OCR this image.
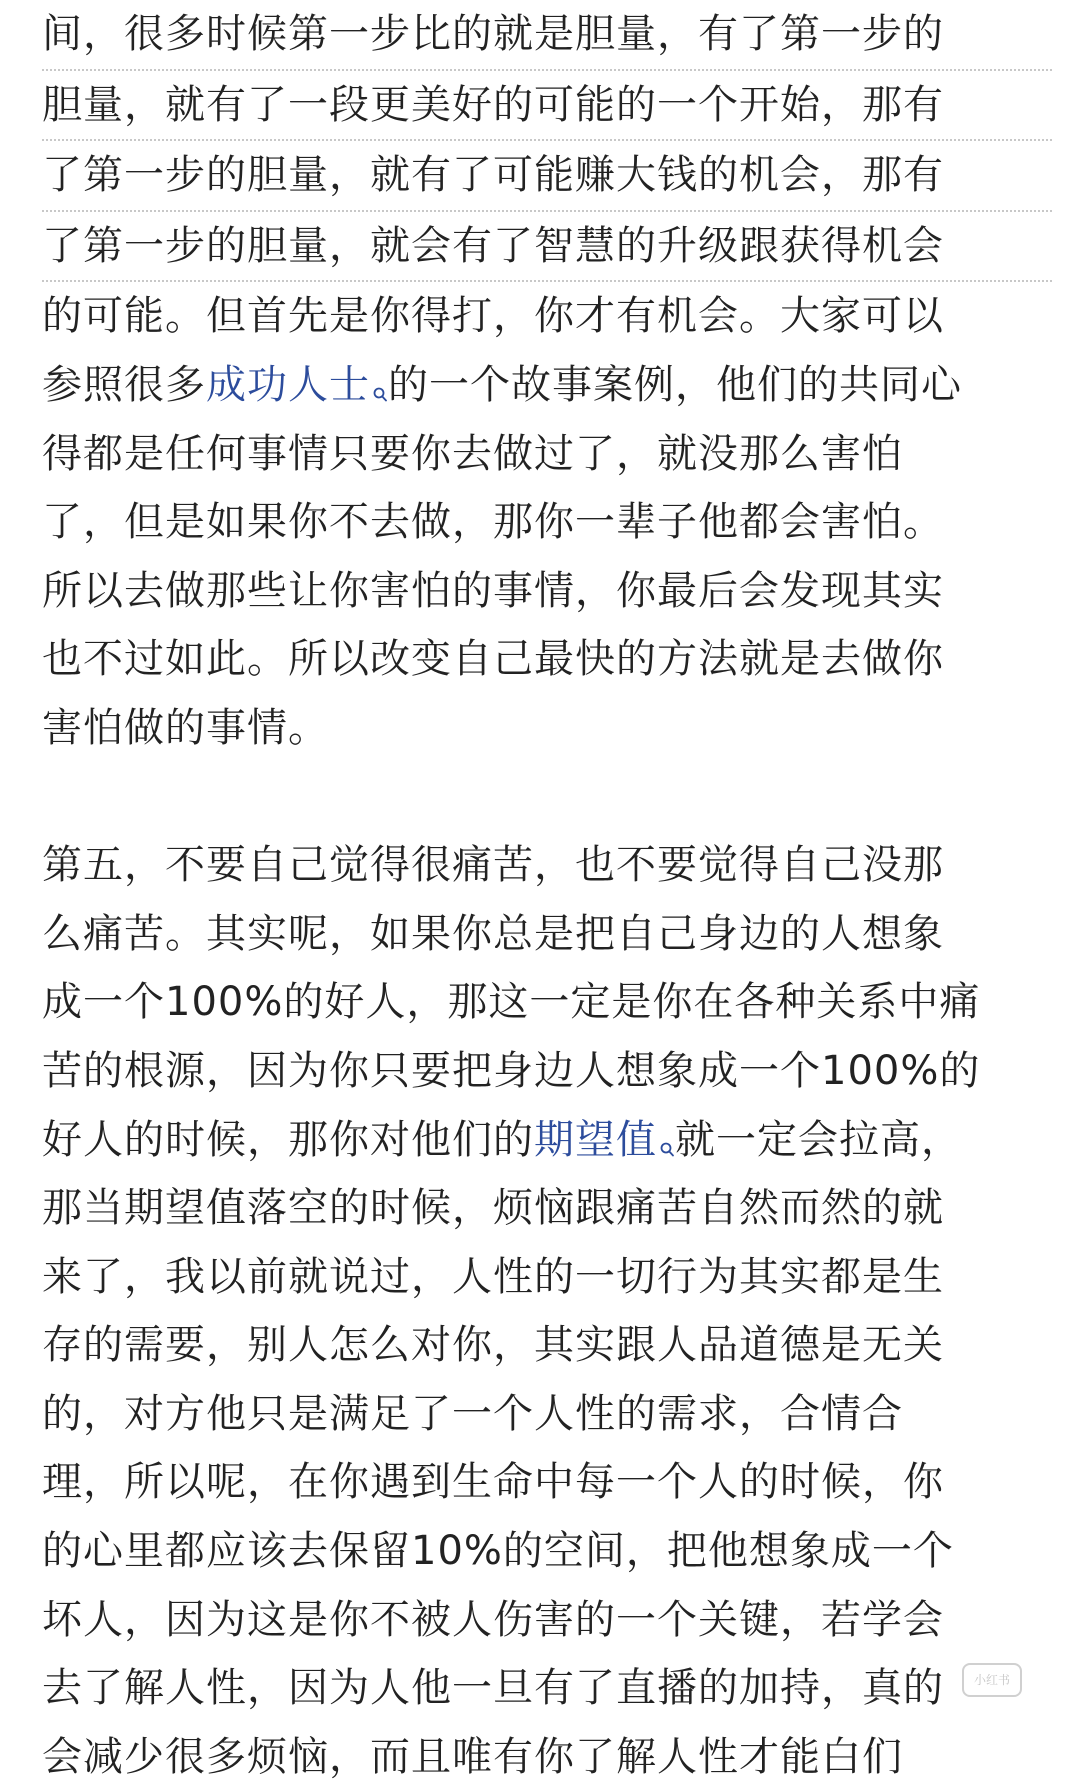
间，很多时候第一步比的就是胆量，有了第一步的
胆量，就有了一段更美好的可能的一个开始，那有
了第一步的胆量，就有了可能赚大钱的机会，那有
了第一步的胆量，就会有了智慧的升级跟获得机会
的可能。但首先是你得打，你才有机会。大家可以
参照很多成功人士 的一个故事案例，他们的共同心
得都是任何事情只要你去做过了，就没那么害怕
了，但是如果你不去做，那你一辈子他都会害怕。
所以去做那些让你害怕的事情，你最后会发现其实
也不过如此。所以改变自己最快的方法就是去做你
害怕做的事情。
第五，不要自己觉得很痛苦，也不要觉得自己没那
么痛苦。其实呢，如果你总是把自己身边的人想象
成一个100%的好人，那这一定是你在各种关系中痛
苦的根源，因为你只要把身边人想象成一个100%的
好人的时候，那你对他们的期望值 就一定会拉高，
那当期望值落空的时候，烦恼跟痛苦自然而然的就
来了，我以前就说过，人性的一切行为其实都是生
存的需要，别人怎么对你，其实跟人品道德是无关
的，对方他只是满足了一个人性的需求，合情合
理，所以呢，在你遇到生命中每一个人的时候，你
的心里都应该去保留10%的空间，把他想象成一个
坏人，因为这是你不被人伤害的一个关键，若学会
去了解人性，因为人他一旦有了直播的加持，真的
会减少很多烦恼，而且唯有你了解人性才能白们
小红书
